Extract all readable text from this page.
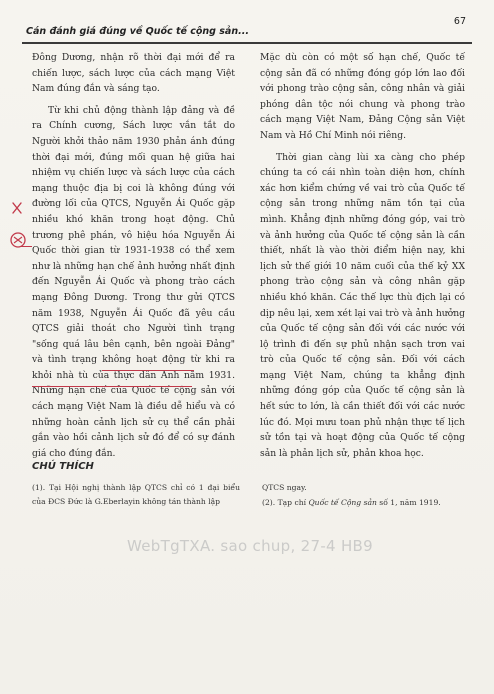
Cán đánh giá đúng về Quốc tế cộng sản...
67

Đông Dương, nhận rõ thời đại mới để ra chiến lược, sách lược của cách mạng Việt Nam đúng đắn và sáng tạo.

Từ khi chủ động thành lập đảng và đề ra Chính cương, Sách lược vắn tắt do Người khởi thảo năm 1930 phản ánh đúng thời đại mới, đúng mối quan hệ giữa hai nhiệm vụ chiến lược và sách lược của cách mạng thuộc địa bị coi là không đúng với đường lối của QTCS, Nguyễn Ái Quốc gặp nhiều khó khăn trong hoạt động. Chủ trương phê phán, vô hiệu hóa Nguyễn Ái Quốc thời gian từ 1931-1938 có thể xem như là những hạn chế ảnh hưởng nhất định đến Nguyễn Ái Quốc và phong trào cách mạng Đông Dương. Trong thư gửi QTCS năm 1938, Nguyễn Ái Quốc đã yêu cầu QTCS giải thoát cho Người tình trạng "sống quá lâu bên cạnh, bên ngoài Đảng" và tình trạng không hoạt động từ khi ra khỏi nhà tù của thực dân Anh năm 1931. Những hạn chế của Quốc tế cộng sản với cách mạng Việt Nam là điều dễ hiểu và có những hoàn cảnh lịch sử cụ thể cần phải gắn vào hồi cảnh lịch sử đó để có sự đánh giá cho đúng đắn.

Mặc dù còn có một số hạn chế, Quốc tế cộng sản đã có những đóng góp lớn lao đối với phong trào cộng sản, công nhân và giải phóng dân tộc nói chung và phong trào cách mạng Việt Nam, Đảng Cộng sản Việt Nam và Hồ Chí Minh nói riêng.

Thời gian càng lùi xa càng cho phép chúng ta có cái nhìn toàn diện hơn, chính xác hơn kiểm chứng về vai trò của Quốc tế cộng sản trong những năm tồn tại của mình. Khẳng định những đóng góp, vai trò và ảnh hưởng của Quốc tế cộng sản là cần thiết, nhất là vào thời điểm hiện nay, khi lịch sử thế giới 10 năm cuối của thế kỷ XX phong trào cộng sản và công nhân gặp nhiều khó khăn. Các thế lực thù địch lại có dịp nêu lại, xem xét lại vai trò và ảnh hưởng của Quốc tế cộng sản đối với các nước với lộ trình đi đến sự phủ nhận sạch trơn vai trò của Quốc tế cộng sản. Đối với cách mạng Việt Nam, chúng ta khẳng định những đóng góp của Quốc tế cộng sản là hết sức to lớn, là cần thiết đối với các nước lúc đó. Mọi mưu toan phủ nhận thực tế lịch sử tồn tại và hoạt động của Quốc tế cộng sản là phản lịch sử, phản khoa học.

CHÚ THÍCH
(1). Tại Hội nghị thành lập QTCS chỉ có 1 đại biểu của ĐCS Đức là G.Eberlayin không tán thành lập
QTCS ngay.
(2). Tạp chí Quốc tế Cộng sản số 1, năm 1919.
WebTgTXA. sao chup, 27-4 HB9
